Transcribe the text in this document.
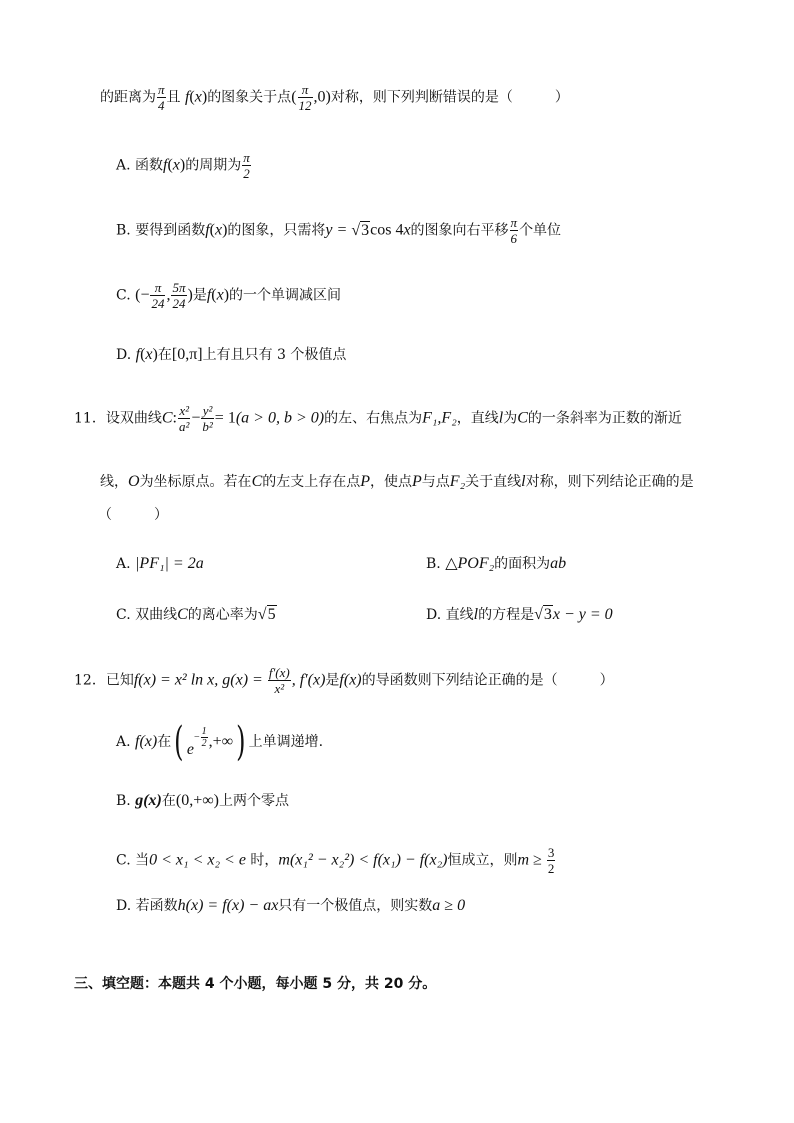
的距离为 $\frac{\pi}{4}$ 且 f(x)的图象关于点( $\frac{\pi}{12} ,0$)对称，则下列判断错误的是（　　　）
A. 函数f(x)的周期为 $\frac{\pi}{2}$
B. 要得到函数f(x)的图象，只需将y = √3cos 4x的图象向右平移 $\frac{\pi}{6}$ 个单位
C. (− $\frac{\pi}{24}$ , $\frac{5\pi}{24}$ )是f(x)的一个单调减区间
D. f(x)在[0,π]上有且只有 3 个极值点
11．设双曲线C: $\frac{\text{x²}}{\text{a²}} - \frac{\text{y²}}{\text{b²}} = 1(a > 0$, b > 0)的左、右焦点为F₁,F₂，直线l为C的一条斜率为正数的渐近
线，O为坐标原点。若在C的左支上存在点P，使点P与点F₂关于直线l对称，则下列结论正确的是
（　　　）
A. |PF₁| = 2a	B. △POF₂的面积为ab
C. 双曲线C的离心率为√5	D. 直线l的方程是√3x − y = 0
12．已知f(x) = x² ln x, $g(x) = \frac{f'(x)}{\text{x²}}$ , f′(x)是f(x)的导函数则下列结论正确的是（　　　）
A. f(x)在( $e- \frac{1}{2}$ ,+∞) 上单调递增.
B. g(x)在(0,+∞)上两个零点
C. 当0 < x₁ < x₂ < e 时，m(x₁² − x₂²) < f(x₁) − f(x₂)恒成立，则$m \ge \frac{3}{2}$
D. 若函数h(x) = f(x) − ax只有一个极值点，则实数a ≥ 0
三、填空题：本题共 4 个小题，每小题 5 分，共 20 分。
